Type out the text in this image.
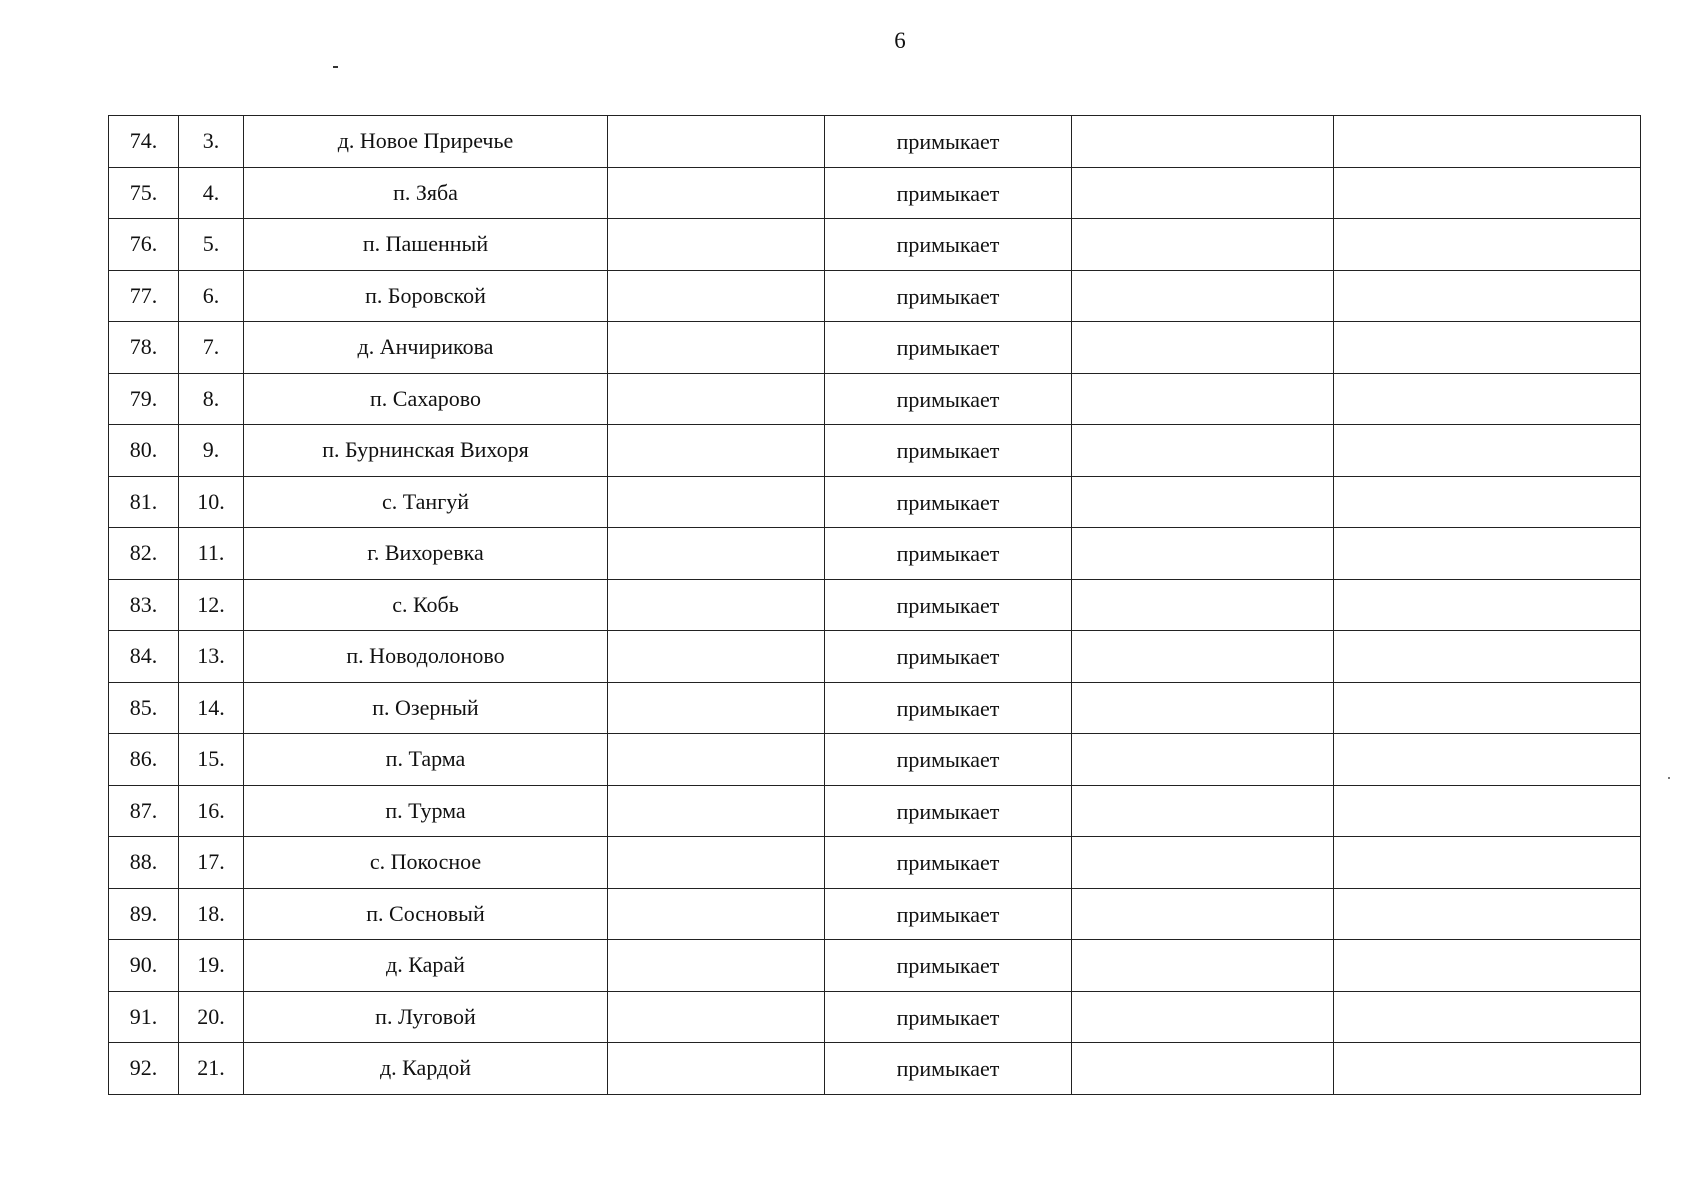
6
74.	3.	д. Новое Приречье		примыкает		
75.	4.	п. Зяба		примыкает		
76.	5.	п. Пашенный		примыкает		
77.	6.	п. Боровской		примыкает		
78.	7.	д. Анчирикова		примыкает		
79.	8.	п. Сахарово		примыкает		
80.	9.	п. Бурнинская Вихоря		примыкает		
81.	10.	с. Тангуй		примыкает		
82.	11.	г. Вихоревка		примыкает		
83.	12.	с. Кобь		примыкает		
84.	13.	п. Новодолоново		примыкает		
85.	14.	п. Озерный		примыкает		
86.	15.	п. Тарма		примыкает		
87.	16.	п. Турма		примыкает		
88.	17.	с. Покосное		примыкает		
89.	18.	п. Сосновый		примыкает		
90.	19.	д. Карай		примыкает		
91.	20.	п. Луговой		примыкает		
92.	21.	д. Кардой		примыкает		
